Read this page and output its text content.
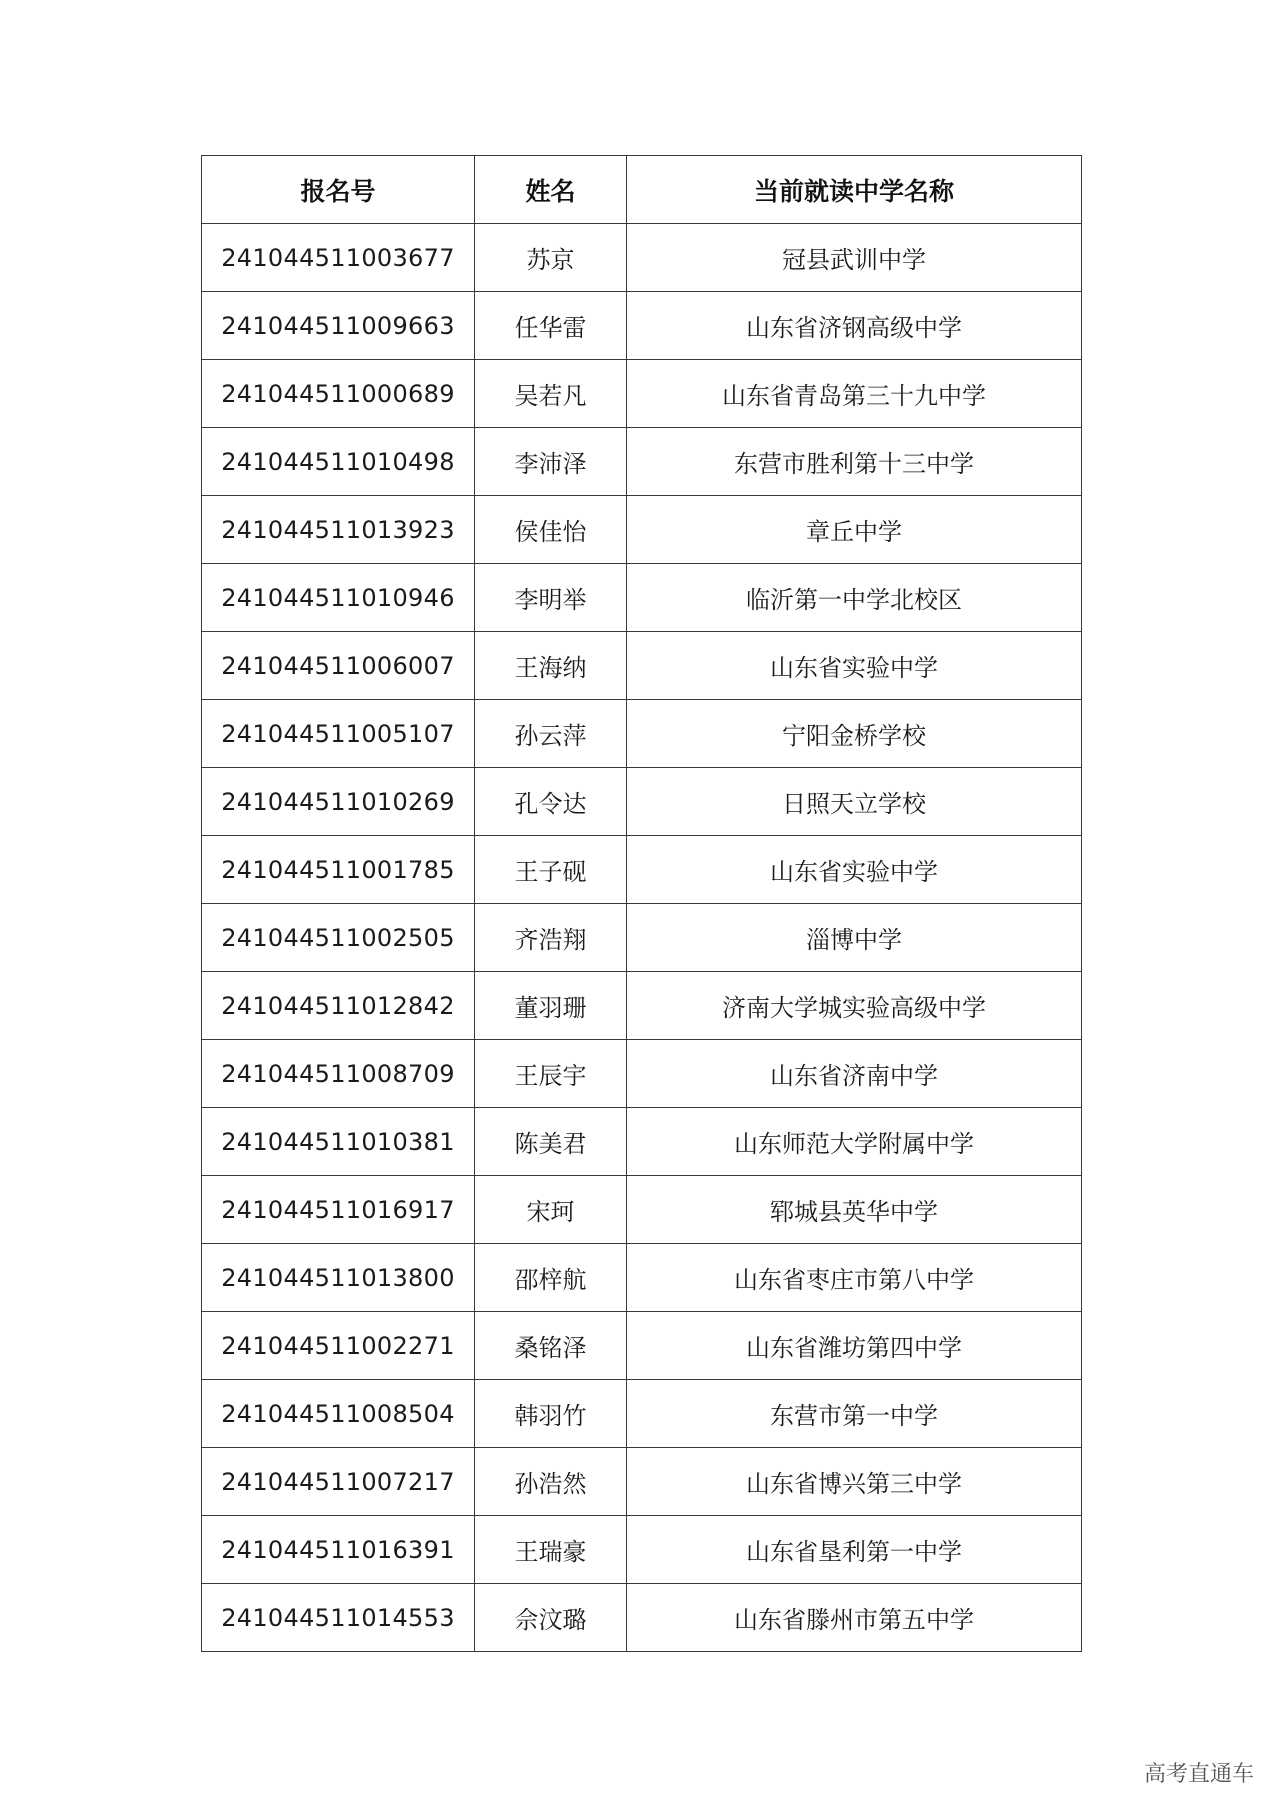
报名号	姓名	当前就读中学名称
241044511003677	苏京	冠县武训中学
241044511009663	任华雷	山东省济钢高级中学
241044511000689	吴若凡	山东省青岛第三十九中学
241044511010498	李沛泽	东营市胜利第十三中学
241044511013923	侯佳怡	章丘中学
241044511010946	李明举	临沂第一中学北校区
241044511006007	王海纳	山东省实验中学
241044511005107	孙云萍	宁阳金桥学校
241044511010269	孔令达	日照天立学校
241044511001785	王子砚	山东省实验中学
241044511002505	齐浩翔	淄博中学
241044511012842	董羽珊	济南大学城实验高级中学
241044511008709	王辰宇	山东省济南中学
241044511010381	陈美君	山东师范大学附属中学
241044511016917	宋珂	郓城县英华中学
241044511013800	邵梓航	山东省枣庄市第八中学
241044511002271	桑铭泽	山东省潍坊第四中学
241044511008504	韩羽竹	东营市第一中学
241044511007217	孙浩然	山东省博兴第三中学
241044511016391	王瑞豪	山东省垦利第一中学
241044511014553	佘汶璐	山东省滕州市第五中学
高考直通车
